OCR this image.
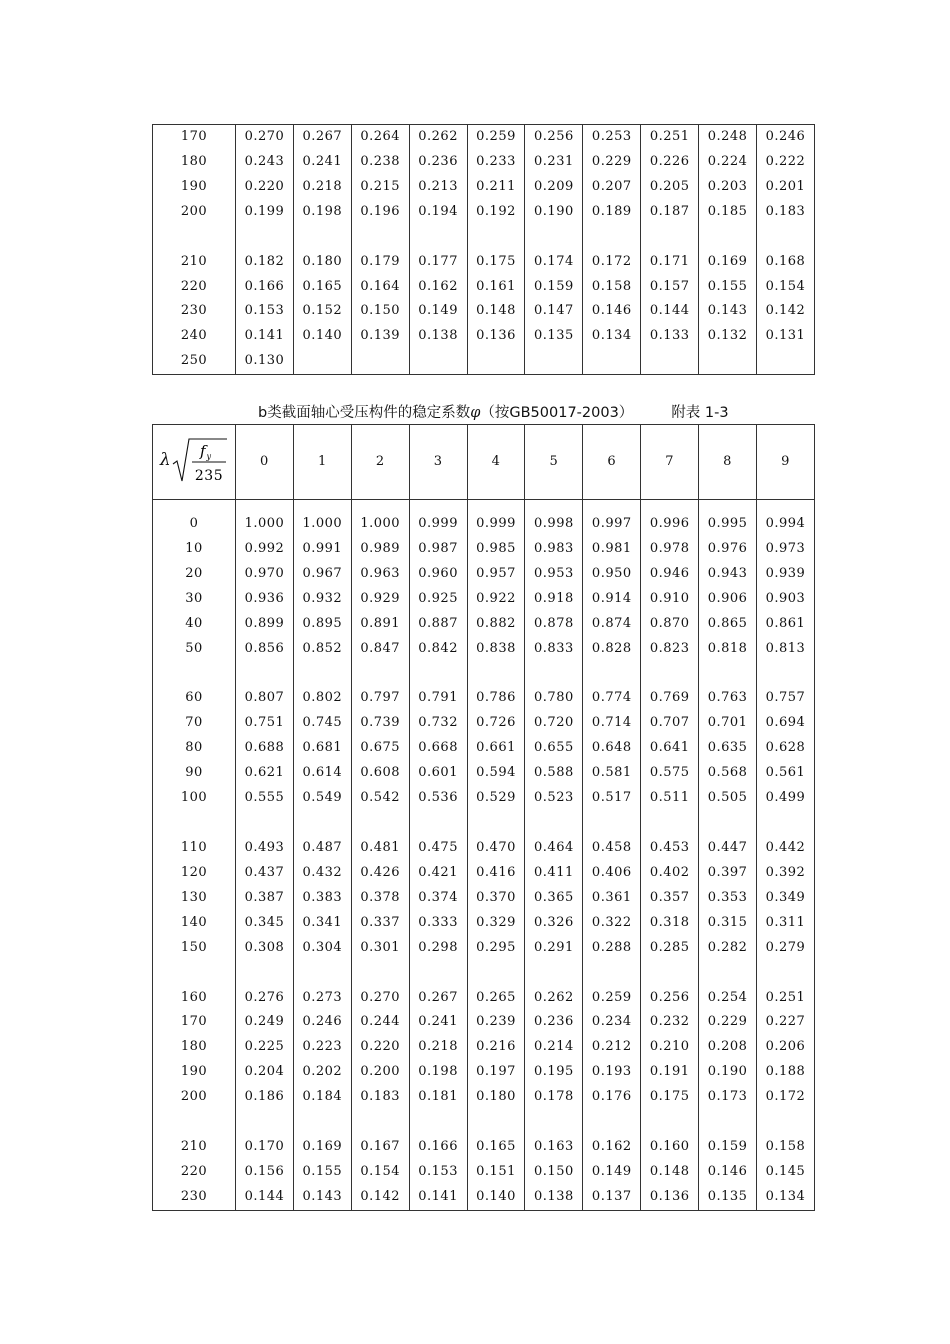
170	0.270	0.267	0.264	0.262	0.259	0.256	0.253	0.251	0.248	0.246
180	0.243	0.241	0.238	0.236	0.233	0.231	0.229	0.226	0.224	0.222
190	0.220	0.218	0.215	0.213	0.211	0.209	0.207	0.205	0.203	0.201
200	0.199	0.198	0.196	0.194	0.192	0.190	0.189	0.187	0.185	0.183

210	0.182	0.180	0.179	0.177	0.175	0.174	0.172	0.171	0.169	0.168
220	0.166	0.165	0.164	0.162	0.161	0.159	0.158	0.157	0.155	0.154
230	0.153	0.152	0.150	0.149	0.148	0.147	0.146	0.144	0.143	0.142
240	0.141	0.140	0.139	0.138	0.136	0.135	0.134	0.133	0.132	0.131
250	0.130									
b类截面轴心受压构件的稳定系数φ（按GB50017-2003）	附表 1-3
λ f y
235	0	1	2	3	4	5	6	7	8	9

0	1.000	1.000	1.000	0.999	0.999	0.998	0.997	0.996	0.995	0.994
10	0.992	0.991	0.989	0.987	0.985	0.983	0.981	0.978	0.976	0.973
20	0.970	0.967	0.963	0.960	0.957	0.953	0.950	0.946	0.943	0.939
30	0.936	0.932	0.929	0.925	0.922	0.918	0.914	0.910	0.906	0.903
40	0.899	0.895	0.891	0.887	0.882	0.878	0.874	0.870	0.865	0.861
50	0.856	0.852	0.847	0.842	0.838	0.833	0.828	0.823	0.818	0.813

60	0.807	0.802	0.797	0.791	0.786	0.780	0.774	0.769	0.763	0.757
70	0.751	0.745	0.739	0.732	0.726	0.720	0.714	0.707	0.701	0.694
80	0.688	0.681	0.675	0.668	0.661	0.655	0.648	0.641	0.635	0.628
90	0.621	0.614	0.608	0.601	0.594	0.588	0.581	0.575	0.568	0.561
100	0.555	0.549	0.542	0.536	0.529	0.523	0.517	0.511	0.505	0.499

110	0.493	0.487	0.481	0.475	0.470	0.464	0.458	0.453	0.447	0.442
120	0.437	0.432	0.426	0.421	0.416	0.411	0.406	0.402	0.397	0.392
130	0.387	0.383	0.378	0.374	0.370	0.365	0.361	0.357	0.353	0.349
140	0.345	0.341	0.337	0.333	0.329	0.326	0.322	0.318	0.315	0.311
150	0.308	0.304	0.301	0.298	0.295	0.291	0.288	0.285	0.282	0.279

160	0.276	0.273	0.270	0.267	0.265	0.262	0.259	0.256	0.254	0.251
170	0.249	0.246	0.244	0.241	0.239	0.236	0.234	0.232	0.229	0.227
180	0.225	0.223	0.220	0.218	0.216	0.214	0.212	0.210	0.208	0.206
190	0.204	0.202	0.200	0.198	0.197	0.195	0.193	0.191	0.190	0.188
200	0.186	0.184	0.183	0.181	0.180	0.178	0.176	0.175	0.173	0.172

210	0.170	0.169	0.167	0.166	0.165	0.163	0.162	0.160	0.159	0.158
220	0.156	0.155	0.154	0.153	0.151	0.150	0.149	0.148	0.146	0.145
230	0.144	0.143	0.142	0.141	0.140	0.138	0.137	0.136	0.135	0.134
